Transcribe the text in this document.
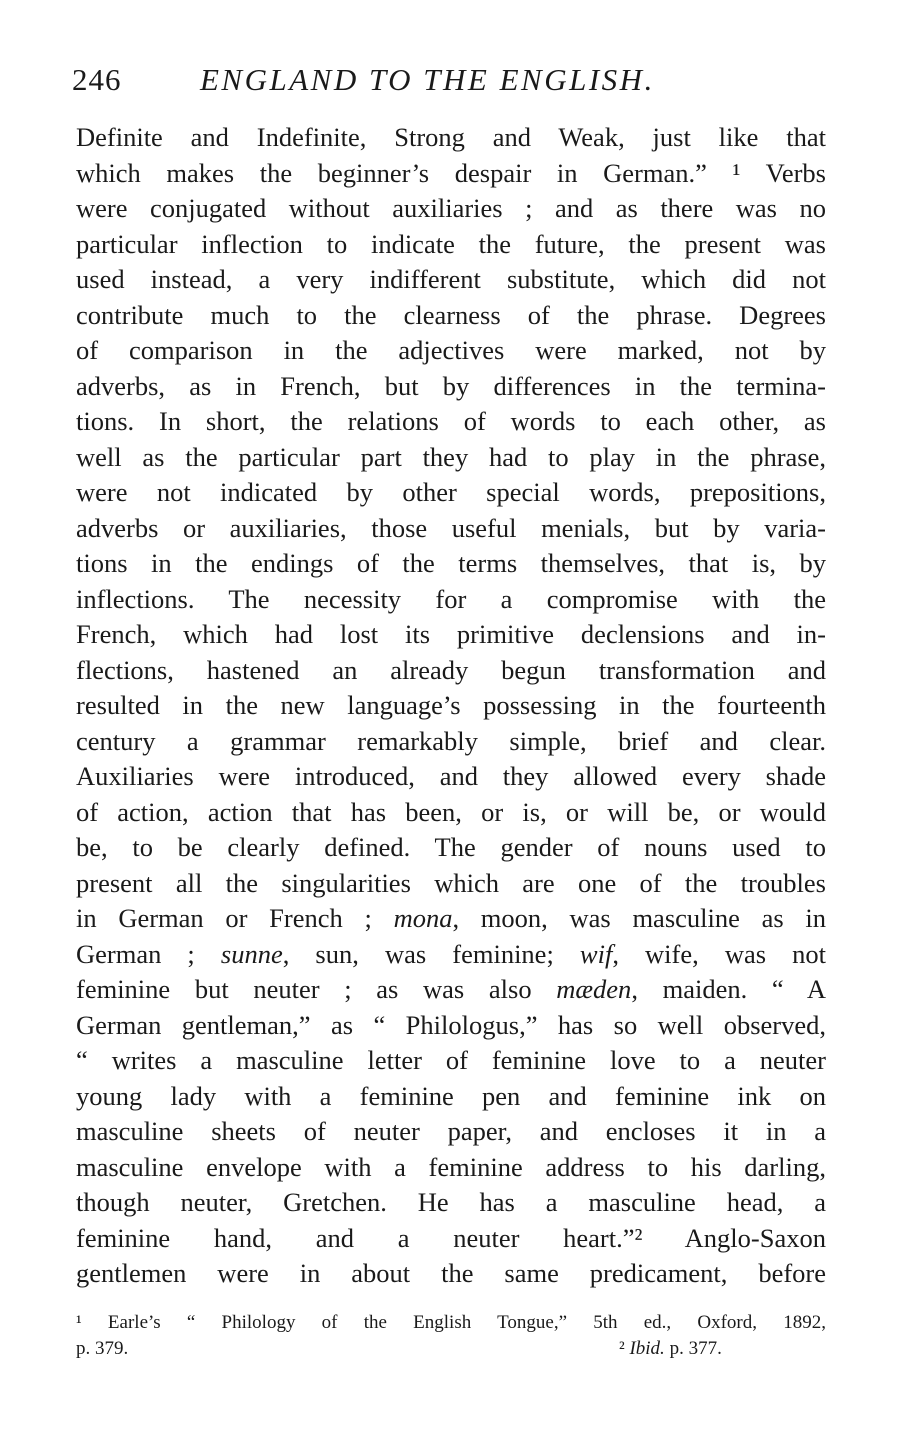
246	ENGLAND TO THE ENGLISH.
Definite and Indefinite, Strong and Weak, just like that
which makes the beginner’s despair in German.” ¹ Verbs
were conjugated without auxiliaries ; and as there was no
particular inflection to indicate the future, the present was
used instead, a very indifferent substitute, which did not
contribute much to the clearness of the phrase. Degrees
of comparison in the adjectives were marked, not by
adverbs, as in French, but by differences in the termina-
tions. In short, the relations of words to each other, as
well as the particular part they had to play in the phrase,
were not indicated by other special words, prepositions,
adverbs or auxiliaries, those useful menials, but by varia-
tions in the endings of the terms themselves, that is, by
inflections. The necessity for a compromise with the
French, which had lost its primitive declensions and in-
flections, hastened an already begun transformation and
resulted in the new language’s possessing in the fourteenth
century a grammar remarkably simple, brief and clear.
Auxiliaries were introduced, and they allowed every shade
of action, action that has been, or is, or will be, or would
be, to be clearly defined. The gender of nouns used to
present all the singularities which are one of the troubles
in German or French ; mona, moon, was masculine as in
German ; sunne, sun, was feminine; wif, wife, was not
feminine but neuter ; as was also mæden, maiden. “ A
German gentleman,” as “ Philologus,” has so well observed,
“ writes a masculine letter of feminine love to a neuter
young lady with a feminine pen and feminine ink on
masculine sheets of neuter paper, and encloses it in a
masculine envelope with a feminine address to his darling,
though neuter, Gretchen. He has a masculine head, a
feminine hand, and a neuter heart.”² Anglo-Saxon
gentlemen were in about the same predicament, before
¹ Earle’s “ Philology of the English Tongue,” 5th ed., Oxford, 1892,
p. 379.	² Ibid. p. 377.
